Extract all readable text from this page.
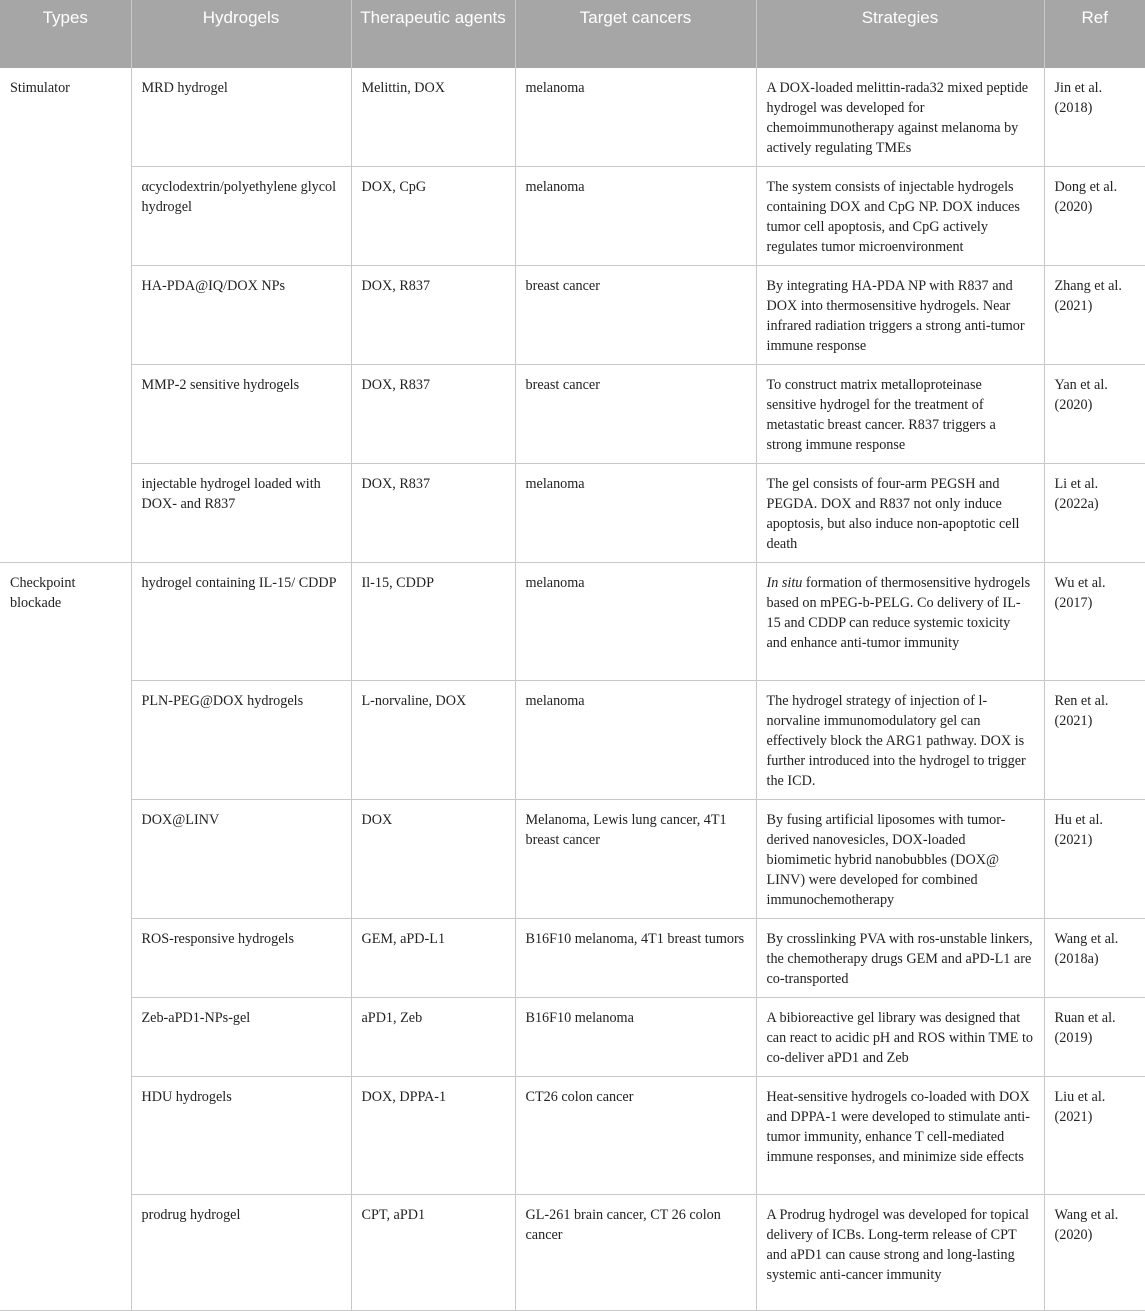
Types	Hydrogels	Therapeutic agents	Target cancers	Strategies	Ref
Stimulator	MRD hydrogel	Melittin, DOX	melanoma	A DOX-loaded melittin-rada32 mixed peptide hydrogel was developed for chemoimmunotherapy against melanoma by actively regulating TMEs	Jin et al. (2018)
	αcyclodextrin/polyethylene glycol hydrogel	DOX, CpG	melanoma	The system consists of injectable hydrogels containing DOX and CpG NP. DOX induces tumor cell apoptosis, and CpG actively regulates tumor microenvironment	Dong et al. (2020)
	HA-PDA@IQ/DOX NPs	DOX, R837	breast cancer	By integrating HA-PDA NP with R837 and DOX into thermosensitive hydrogels. Near infrared radiation triggers a strong anti-tumor immune response	Zhang et al. (2021)
	MMP-2 sensitive hydrogels	DOX, R837	breast cancer	To construct matrix metalloproteinase sensitive hydrogel for the treatment of metastatic breast cancer. R837 triggers a strong immune response	Yan et al. (2020)
	injectable hydrogel loaded with DOX- and R837	DOX, R837	melanoma	The gel consists of four-arm PEGSH and PEGDA. DOX and R837 not only induce apoptosis, but also induce non-apoptotic cell death	Li et al. (2022a)
Checkpoint blockade	hydrogel containing IL-15/ CDDP	Il-15, CDDP	melanoma	In situ formation of thermosensitive hydrogels based on mPEG-b-PELG. Co delivery of IL-15 and CDDP can reduce systemic toxicity and enhance anti-tumor immunity	Wu et al. (2017)
	PLN-PEG@DOX hydrogels	L-norvaline, DOX	melanoma	The hydrogel strategy of injection of l-norvaline immunomodulatory gel can effectively block the ARG1 pathway. DOX is further introduced into the hydrogel to trigger the ICD.	Ren et al. (2021)
	DOX@LINV	DOX	Melanoma, Lewis lung cancer, 4T1 breast cancer	By fusing artificial liposomes with tumor-derived nanovesicles, DOX-loaded biomimetic hybrid nanobubbles (DOX@ LINV) were developed for combined immunochemotherapy	Hu et al. (2021)
	ROS-responsive hydrogels	GEM, aPD-L1	B16F10 melanoma, 4T1 breast tumors	By crosslinking PVA with ros-unstable linkers, the chemotherapy drugs GEM and aPD-L1 are co-transported	Wang et al. (2018a)
	Zeb-aPD1-NPs-gel	aPD1, Zeb	B16F10 melanoma	A bibioreactive gel library was designed that can react to acidic pH and ROS within TME to co-deliver aPD1 and Zeb	Ruan et al. (2019)
	HDU hydrogels	DOX, DPPA-1	CT26 colon cancer	Heat-sensitive hydrogels co-loaded with DOX and DPPA-1 were developed to stimulate anti-tumor immunity, enhance T cell-mediated immune responses, and minimize side effects	Liu et al. (2021)
	prodrug hydrogel	CPT, aPD1	GL-261 brain cancer, CT 26 colon cancer	A Prodrug hydrogel was developed for topical delivery of ICBs. Long-term release of CPT and aPD1 can cause strong and long-lasting systemic anti-cancer immunity	Wang et al. (2020)
